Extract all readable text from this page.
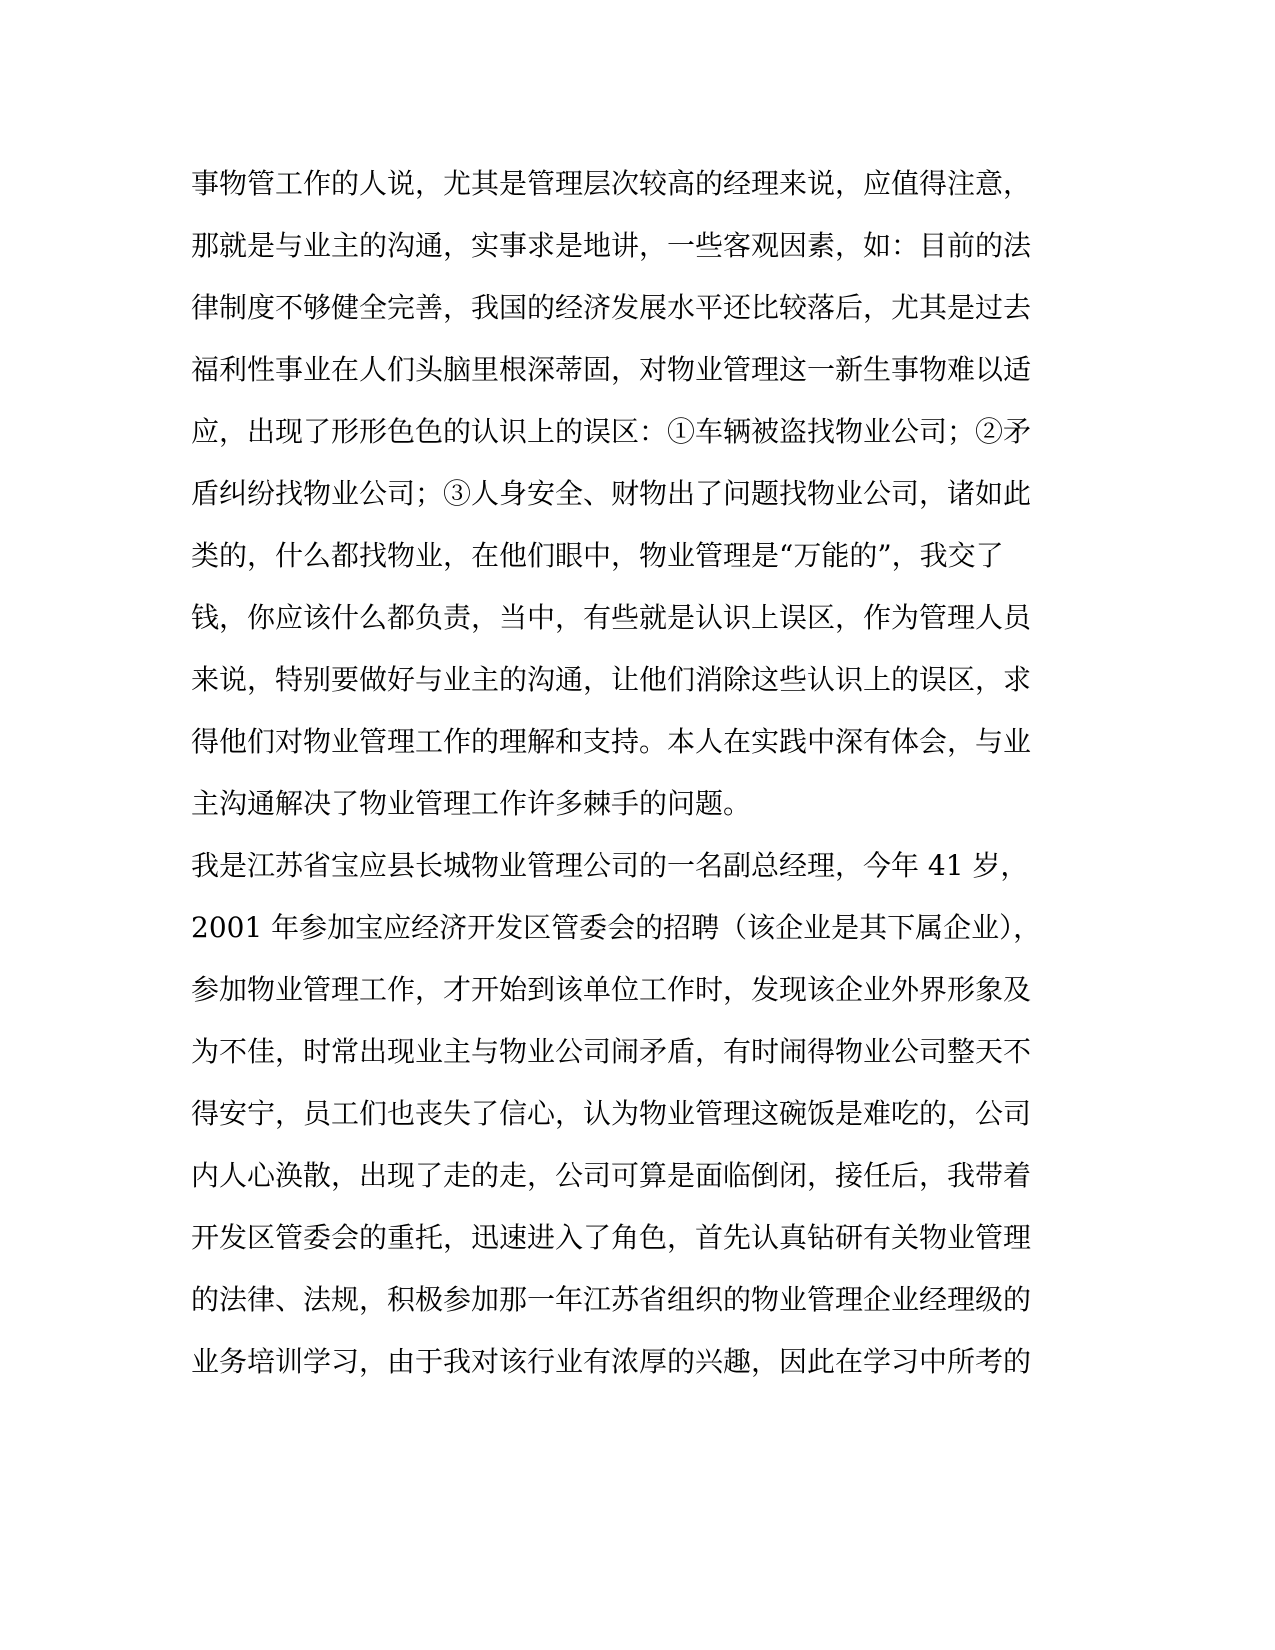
事物管工作的人说，尤其是管理层次较高的经理来说，应值得注意，
那就是与业主的沟通，实事求是地讲，一些客观因素，如：目前的法
律制度不够健全完善，我国的经济发展水平还比较落后，尤其是过去
福利性事业在人们头脑里根深蒂固，对物业管理这一新生事物难以适
应，出现了形形色色的认识上的误区：①车辆被盗找物业公司；②矛
盾纠纷找物业公司；③人身安全、财物出了问题找物业公司，诸如此
类的，什么都找物业，在他们眼中，物业管理是“万能的”，我交了
钱，你应该什么都负责，当中，有些就是认识上误区，作为管理人员
来说，特别要做好与业主的沟通，让他们消除这些认识上的误区，求
得他们对物业管理工作的理解和支持。本人在实践中深有体会，与业
主沟通解决了物业管理工作许多棘手的问题。
我是江苏省宝应县长城物业管理公司的一名副总经理，今年 41 岁，
2001 年参加宝应经济开发区管委会的招聘（该企业是其下属企业），
参加物业管理工作，才开始到该单位工作时，发现该企业外界形象及
为不佳，时常出现业主与物业公司闹矛盾，有时闹得物业公司整天不
得安宁，员工们也丧失了信心，认为物业管理这碗饭是难吃的，公司
内人心涣散，出现了走的走，公司可算是面临倒闭，接任后，我带着
开发区管委会的重托，迅速进入了角色，首先认真钻研有关物业管理
的法律、法规，积极参加那一年江苏省组织的物业管理企业经理级的
业务培训学习，由于我对该行业有浓厚的兴趣，因此在学习中所考的
